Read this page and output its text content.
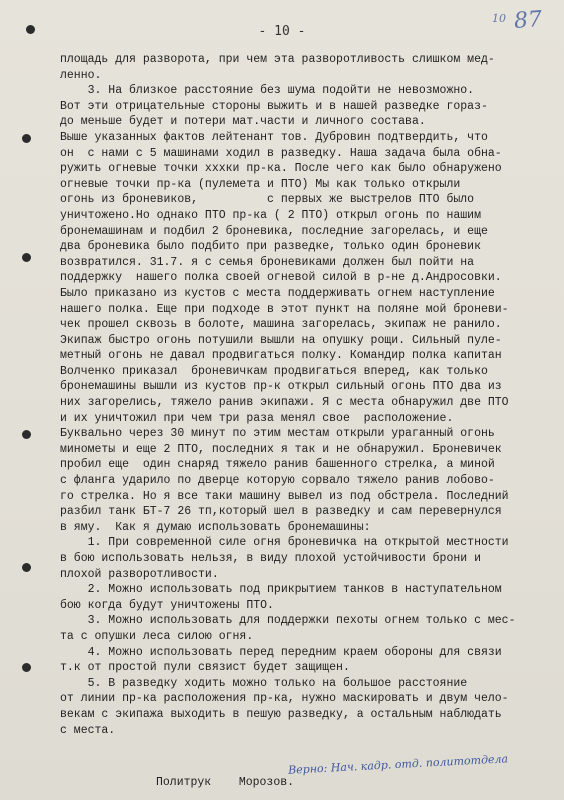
10 87
- 10 -
площадь для разворота, при чем эта разворотливость слишком мед-
ленно.
3. На близкое расстояние без шума подойти не невозможно.
Вот эти отрицательные стороны выжить и в нашей разведке гораз-
до меньше будет и потери мат.части и личного состава.
Выше указанных фактов лейтенант тов. Дубровин подтвердить, что
он  с нами с 5 машинами ходил в разведку. Наша задача была обна-
ружить огневые точки хххки пр-ка. После чего как было обнаружено
огневые точки пр-ка (пулемета и ПТО) Мы как только открыли
огонь из броневиков,          с первых же выстрелов ПТО было
уничтожено.Но однако ПТО пр-ка ( 2 ПТО) открыл огонь по нашим
бронемашинам и подбил 2 броневика, последние загорелась, и еще
два броневика было подбито при разведке, только один броневик
возвратился. 31.7. я с семья броневиками должен был пойти на
поддержку  нашего полка своей огневой силой в р-не д.Андросовки.
Было приказано из кустов с места поддерживать огнем наступление
нашего полка. Еще при подходе в этот пункт на поляне мой броневи-
чек прошел сквозь в болоте, машина загорелась, экипаж не ранило.
Экипаж быстро огонь потушили вышли на опушку рощи. Сильный пуле-
метный огонь не давал продвигаться полку. Командир полка капитан
Волченко приказал  броневичкам продвигаться вперед, как только
бронемашины вышли из кустов пр-к открыл сильный огонь ПТО два из
них загорелись, тяжело ранив экипажи. Я с места обнаружил две ПТО
и их уничтожил при чем три раза менял свое  расположение.
Буквально через 30 минут по этим местам открыли ураганный огонь
минометы и еще 2 ПТО, последних я так и не обнаружил. Броневичек
пробил еще  один снаряд тяжело ранив башенного стрелка, а миной
с фланга ударило по дверце которую сорвало тяжело ранив лобово-
го стрелка. Но я все таки машину вывел из под обстрела. Последний
разбил танк БТ-7 26 тп,который шел в разведку и сам перевернулся
в яму.  Как я думаю использовать бронемашины:
1. При современной силе огня броневичка на открытой местности
в бою использовать нельзя, в виду плохой устойчивости брони и
плохой разворотливости.
2. Можно использовать под прикрытием танков в наступательном
бою когда будут уничтожены ПТО.
3. Можно использовать для поддержки пехоты огнем только с мес-
та с опушки леса силою огня.
4. Можно использовать перед передним краем обороны для связи
т.к от простой пули связист будет защищен.
5. В разведку ходить можно только на большое расстояние
от линии пр-ка расположения пр-ка, нужно маскировать и двум чело-
векам с экипажа выходить в пешую разведку, а остальным наблюдать
с места.
Политрук    Морозов.
Верно: Нач. кадр. отд. политотдела
